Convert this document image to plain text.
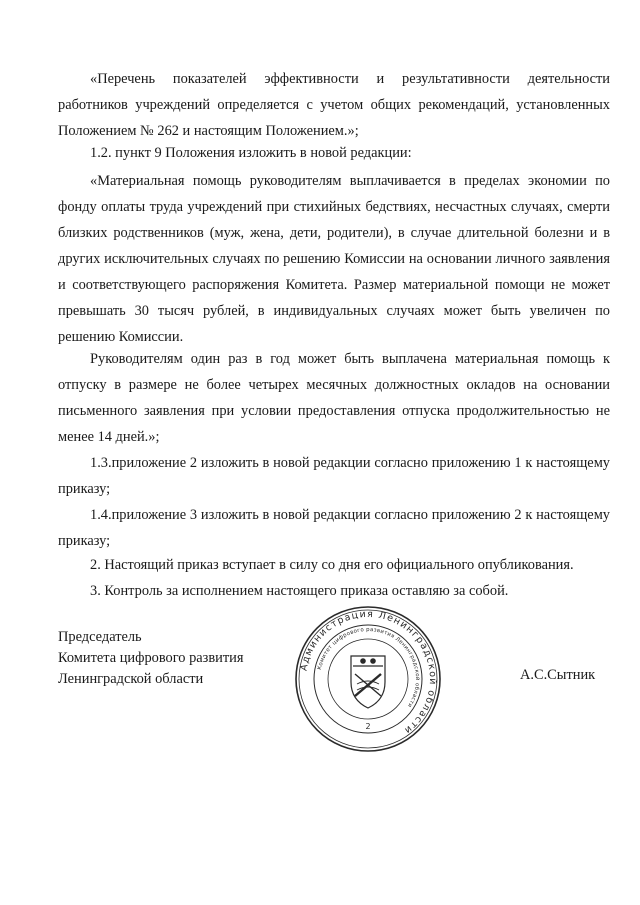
«Перечень показателей эффективности и результативности деятельности работников учреждений определяется с учетом общих рекомендаций, установленных Положением № 262 и настоящим Положением.»;

1.2. пункт 9 Положения изложить в новой редакции:

«Материальная помощь руководителям выплачивается в пределах экономии по фонду оплаты труда учреждений при стихийных бедствиях, несчастных случаях, смерти близких родственников (муж, жена, дети, родители), в случае длительной болезни и в других исключительных случаях по решению Комиссии на основании личного заявления и соответствующего распоряжения Комитета. Размер материальной помощи не может превышать 30 тысяч рублей, в индивидуальных случаях может быть увеличен по решению Комиссии.

Руководителям один раз в год может быть выплачена материальная помощь к отпуску в размере не более четырех месячных должностных окладов на основании письменного заявления при условии предоставления отпуска продолжительностью не менее 14 дней.»;

1.3.приложение 2 изложить в новой редакции согласно приложению 1 к настоящему приказу;

1.4.приложение 3 изложить в новой редакции согласно приложению 2 к настоящему приказу;

2. Настоящий приказ вступает в силу со дня его официального опубликования.

3. Контроль за исполнением настоящего приказа оставляю за собой.

Председатель
Комитета цифрового развития
Ленинградской области	А.С.Сытник
Администрация Ленинградской области
Комитет цифрового развития Ленинградской области
2
